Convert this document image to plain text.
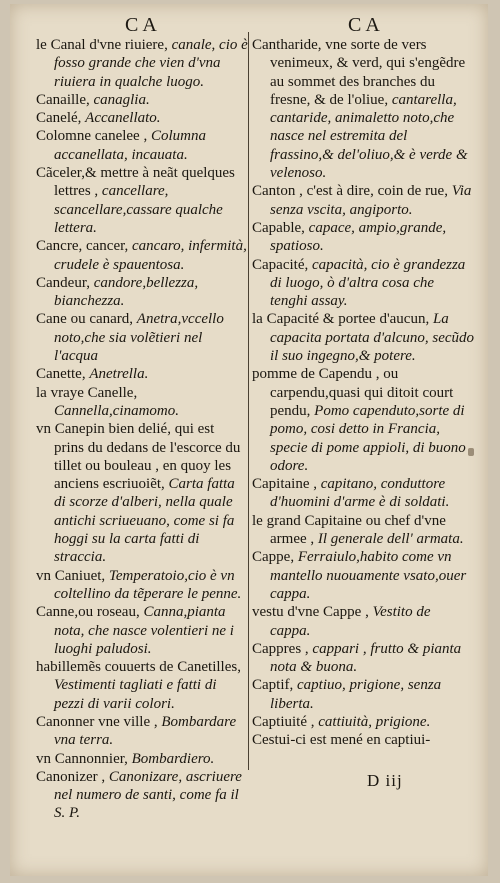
CA	CA

le Canal d'vne riuiere, canale, cio è fosso grande che vien d'vna riuiera in qualche luogo.

Canaille, canaglia.

Canelé, Accanellato.

Colomne canelee , Columna accanellata, incauata.

Cãceler,& mettre à neãt quelques lettres , cancellare, scancellare,cassare qualche lettera.

Cancre, cancer, cancaro, infermità, crudele è spauentosa.

Candeur, candore,bellezza, bianchezza.

Cane ou canard, Anetra,vccello noto,che sia volẽtieri nel l'acqua

Canette, Anetrella.

la vraye Canelle, Cannella,cinamomo.

vn Canepin bien delié, qui est prins du dedans de l'escorce du tillet ou bouleau , en quoy les anciens escriuoiẽt, Carta fatta di scorze d'alberi, nella quale antichi scriueuano, come si fa hoggi su la carta fatti di straccia.

vn Caniuet, Temperatoio,cio è vn coltellino da tẽperare le penne.

Canne,ou roseau, Canna,pianta nota, che nasce volentieri ne i luoghi paludosi.

habillemẽs couuerts de Canetilles, Vestimenti tagliati e fatti di pezzi di varii colori.

Canonner vne ville , Bombardare vna terra.

vn Cannonnier, Bombardiero.

Canonizer , Canonizare, ascriuere nel numero de santi, come fa il S. P.

Cantharide, vne sorte de vers venimeux, & verd, qui s'engẽdre au sommet des branches du fresne, & de l'oliue, cantarella, cantaride, animaletto noto,che nasce nel estremita del frassino,& del'oliuo,& è verde & velenoso.

Canton , c'est à dire, coin de rue, Via senza vscita, angiporto.

Capable, capace, ampio,grande, spatioso.

Capacité, capacità, cio è grandezza di luogo, ò d'altra cosa che tenghi assay.

la Capacité & portee d'aucun, La capacita portata d'alcuno, secũdo il suo ingegno,& potere.

pomme de Capendu , ou carpendu,quasi qui ditoit court pendu, Pomo capenduto,sorte di pomo, cosi detto in Francia, specie di pome appioli, di buono odore.

Capitaine , capitano, conduttore d'huomini d'arme è di soldati.

le grand Capitaine ou chef d'vne armee , Il generale dell' armata.

Cappe, Ferraiulo,habito come vn mantello nuouamente vsato,ouer cappa.

vestu d'vne Cappe , Vestito de cappa.

Cappres , cappari , frutto & pianta nota & buona.

Captif, captiuo, prigione, senza liberta.

Captiuité , cattiuità, prigione.

Cestui-ci est mené en captiui-

D iij
